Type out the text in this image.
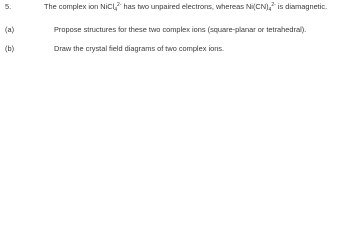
5.	The complex ion NiCl$_4^{2-}$ has two unpaired electrons, whereas $Ni(CN)_4^{2-}$ is diamagnetic.
(a)	Propose structures for these two complex ions (square-planar or tetrahedral).
(b)	Draw the crystal field diagrams of two complex ions.
